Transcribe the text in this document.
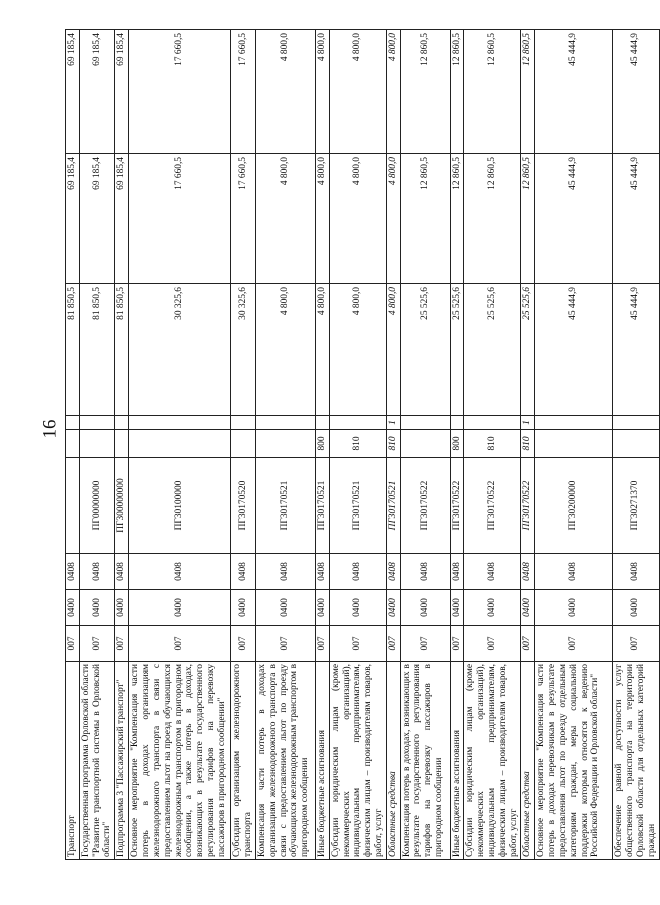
16
Транспорт	007	0400	0408				81 850,5	69 185,4	69 185,4
Государственная программа Орловской области "Развитие транспортной системы в Орловской области"	007	0400	0408	ПГ00000000			81 850,5	69 185,4	69 185,4
Подпрограмма 3 "Пассажирский транспорт"	007	0400	0408	ПГ300000000			81 850,5	69 185,4	69 185,4
Основное мероприятие "Компенсация части потерь в доходах организациям железнодорожного транспорта в связи с предоставлением льгот на проезд обучающихся железнодорожным транспортом в пригородном сообщении, а также потерь в доходах, возникающих в результате государственного регулирования тарифов на перевозку пассажиров в пригородном сообщении"	007	0400	0408	ПГ30100000			30 325,6	17 660,5	17 660,5
Субсидии организациям железнодорожного транспорта	007	0400	0408	ПГ30170520			30 325,6	17 660,5	17 660,5
Компенсация части потерь в доходах организациям железнодорожного транспорта в связи с предоставлением льгот по проезду обучающихся железнодорожным транспортом в пригородном сообщении	007	0400	0408	ПГ30170521			4 800,0	4 800,0	4 800,0
Иные бюджетные ассигнования	007	0400	0408	ПГ30170521	800		4 800,0	4 800,0	4 800,0
Субсидии юридическим лицам (кроме некоммерческих организаций), индивидуальным предпринимателям, физическим лицам – производителям товаров, работ, услуг	007	0400	0408	ПГ30170521	810		4 800,0	4 800,0	4 800,0
Областные средства	007	0400	0408	ПГ30170521	810	1	4 800,0	4 800,0	4 800,0
Компенсация потерь в доходах, возникающих в результате государственного регулирования тарифов на перевозку пассажиров в пригородном сообщении	007	0400	0408	ПГ30170522			25 525,6	12 860,5	12 860,5
Иные бюджетные ассигнования	007	0400	0408	ПГ30170522	800		25 525,6	12 860,5	12 860,5
Субсидии юридическим лицам (кроме некоммерческих организаций), индивидуальным предпринимателям, физическим лицам – производителям товаров, работ, услуг	007	0400	0408	ПГ30170522	810		25 525,6	12 860,5	12 860,5
Областные средства	007	0400	0408	ПГ30170522	810	1	25 525,6	12 860,5	12 860,5
Основное мероприятие "Компенсация части потерь в доходах перевозчикам в результате предоставления льгот по проезду отдельным категориям граждан, меры социальной поддержки которым относятся к ведению Российской Федерации и Орловской области"	007	0400	0408	ПГ30200000			45 444,9	45 444,9	45 444,9
Обеспечение равной доступности услуг общественного транспорта на территории Орловской области для отдельных категорий граждан	007	0400	0408	ПГ30271370			45 444,9	45 444,9	45 444,9
